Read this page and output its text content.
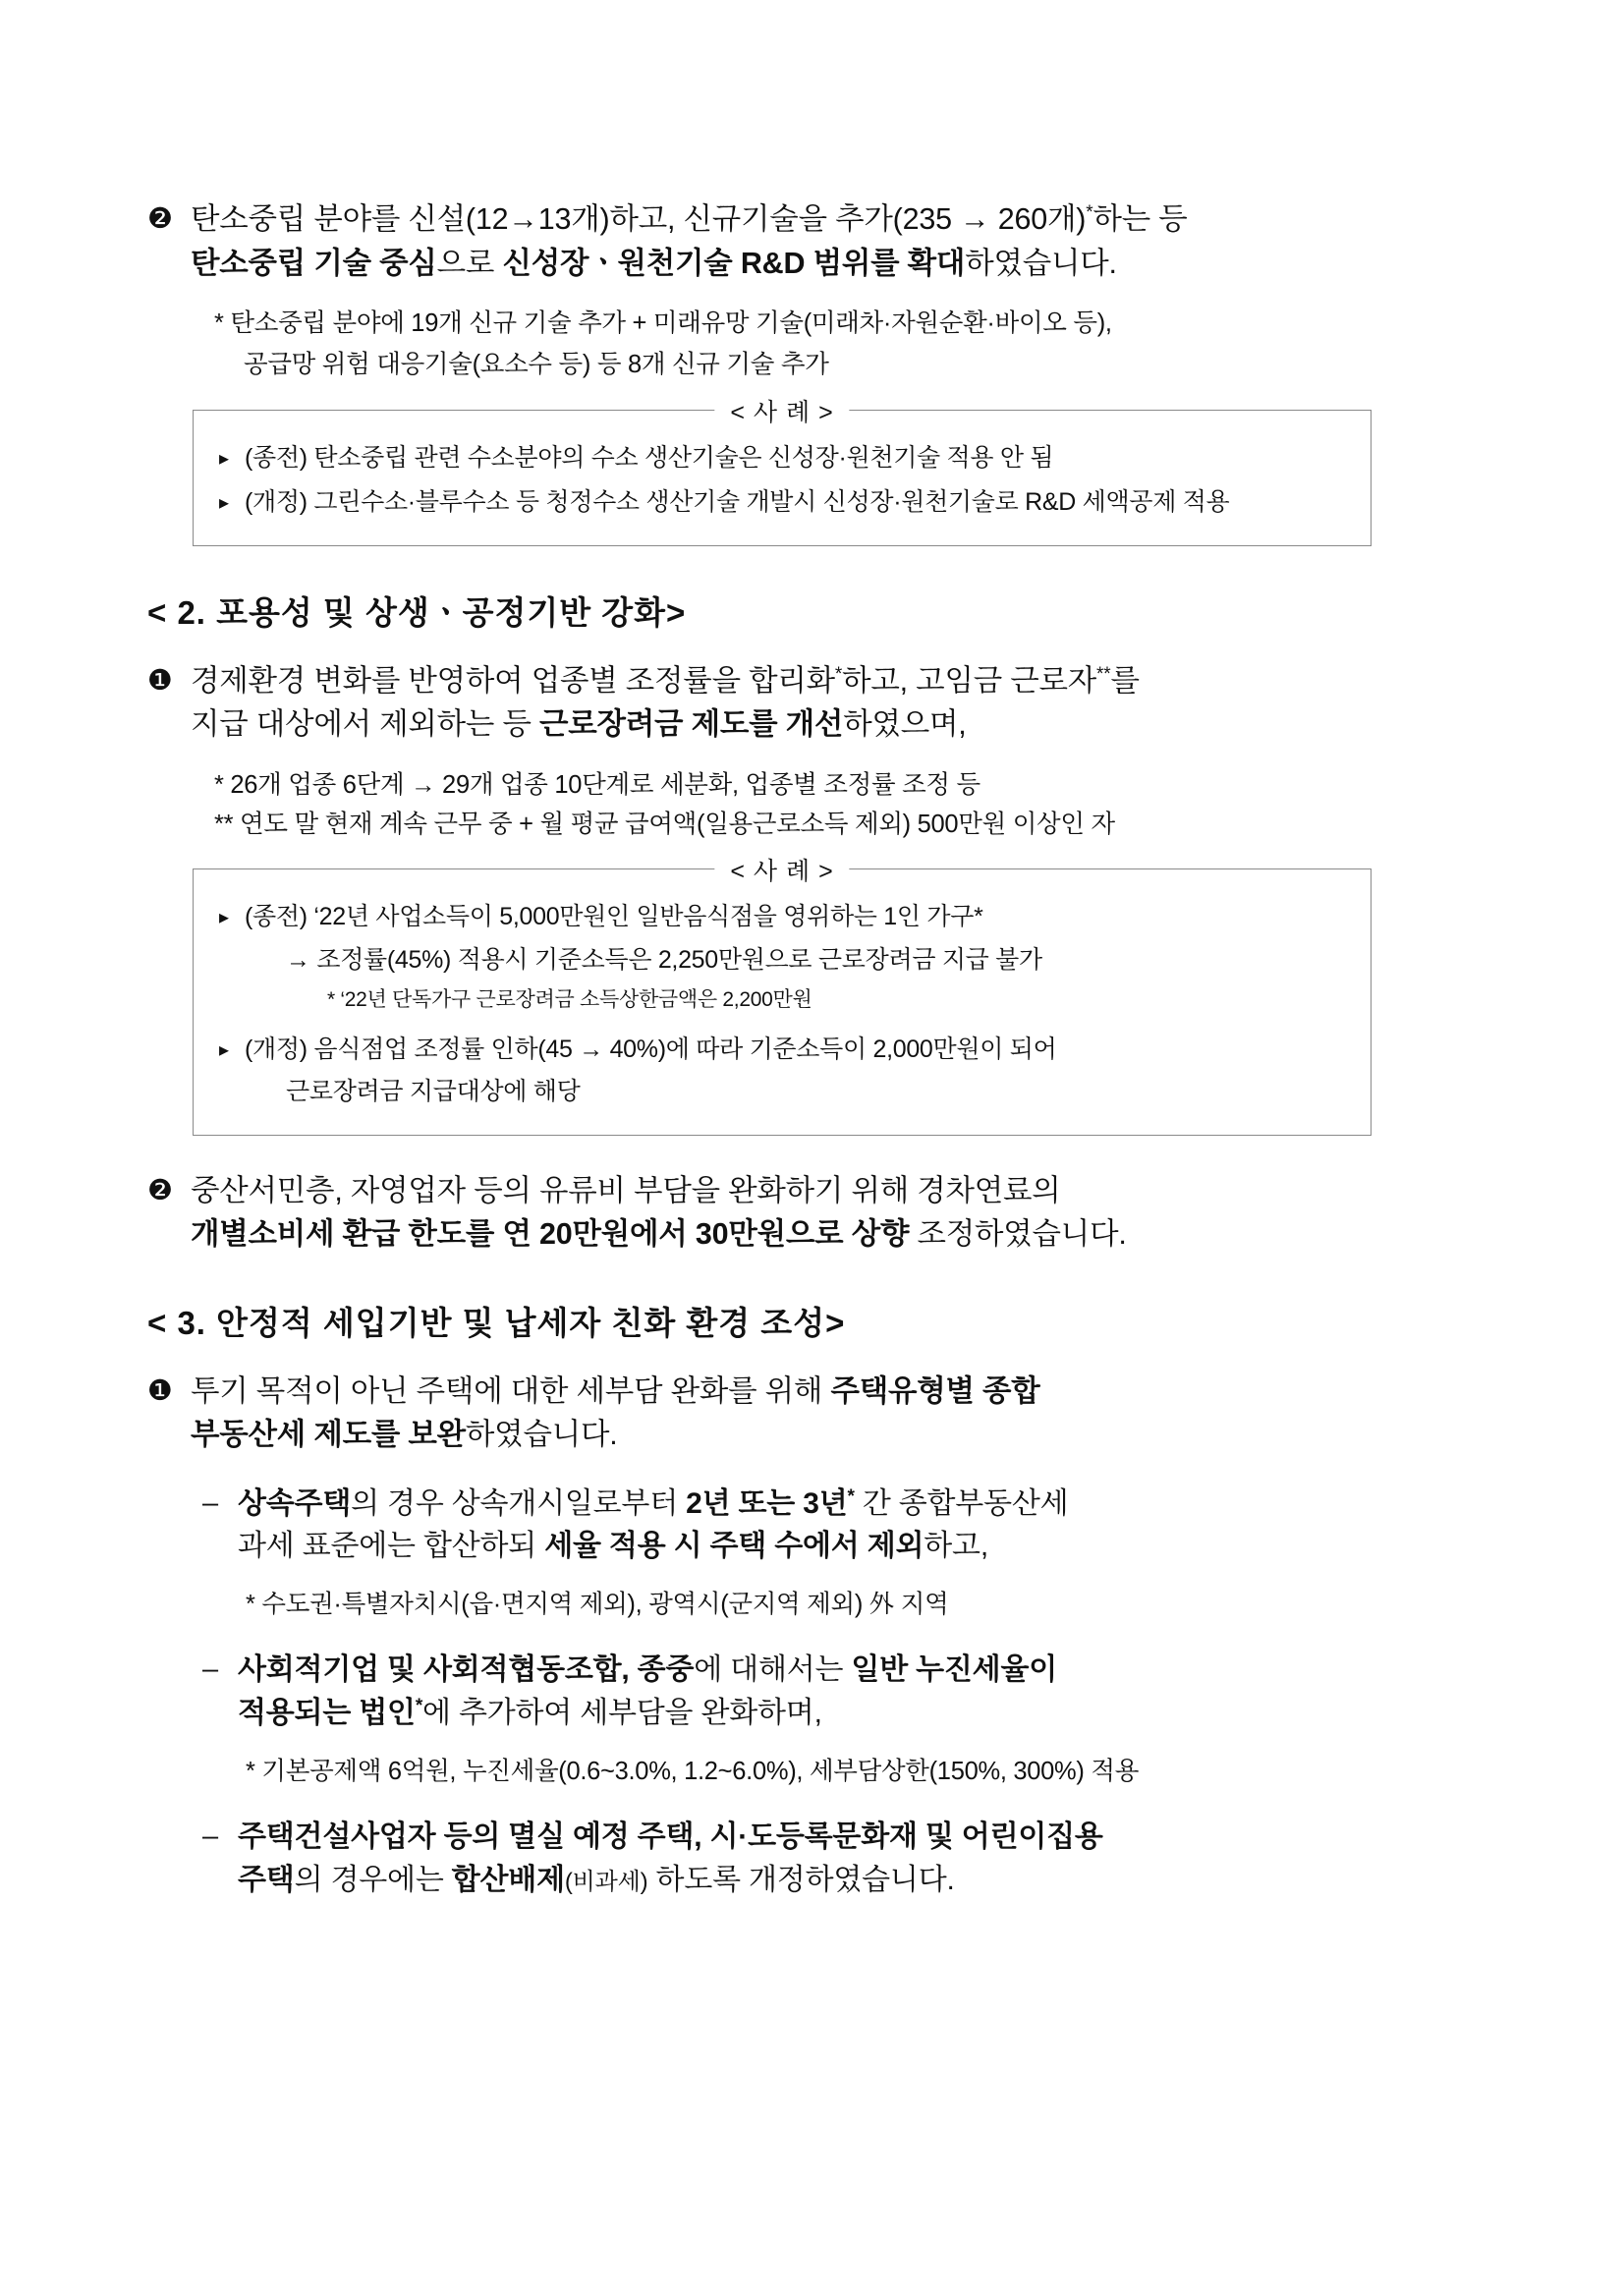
❷ 탄소중립 분야를 신설(12→13개)하고, 신규기술을 추가(235 → 260개)*하는 등
탄소중립 기술 중심으로 신성장ㆍ원천기술 R&D 범위를 확대하였습니다.
* 탄소중립 분야에 19개 신규 기술 추가 + 미래유망 기술(미래차·자원순환·바이오 등),
공급망 위험 대응기술(요소수 등) 등 8개 신규 기술 추가
▸ (종전) 탄소중립 관련 수소분야의 수소 생산기술은 신성장·원천기술 적용 안 됨
▸ (개정) 그린수소·블루수소 등 청정수소 생산기술 개발시 신성장·원천기술로 R&D 세액공제 적용
< 사 례 >
< 2. 포용성 및 상생ㆍ공정기반 강화>
❶ 경제환경 변화를 반영하여 업종별 조정률을 합리화*하고, 고임금 근로자**를
지급 대상에서 제외하는 등 근로장려금 제도를 개선하였으며,
* 26개 업종 6단계 → 29개 업종 10단계로 세분화, 업종별 조정률 조정 등
** 연도 말 현재 계속 근무 중 + 월 평균 급여액(일용근로소득 제외) 500만원 이상인 자
▸ (종전) ‘22년 사업소득이 5,000만원인 일반음식점을 영위하는 1인 가구*
→ 조정률(45%) 적용시 기준소득은 2,250만원으로 근로장려금 지급 불가
* ‘22년 단독가구 근로장려금 소득상한금액은 2,200만원
▸ (개정) 음식점업 조정률 인하(45 → 40%)에 따라 기준소득이 2,000만원이 되어
근로장려금 지급대상에 해당
< 사 례 >
❷ 중산서민층, 자영업자 등의 유류비 부담을 완화하기 위해 경차연료의
개별소비세 환급 한도를 연 20만원에서 30만원으로 상향 조정하였습니다.
< 3. 안정적 세입기반 및 납세자 친화 환경 조성>
❶ 투기 목적이 아닌 주택에 대한 세부담 완화를 위해 주택유형별 종합
부동산세 제도를 보완하였습니다.
– 상속주택의 경우 상속개시일로부터 2년 또는 3년* 간 종합부동산세
과세 표준에는 합산하되 세율 적용 시 주택 수에서 제외하고,
* 수도권·특별자치시(읍·면지역 제외), 광역시(군지역 제외) 外 지역
– 사회적기업 및 사회적협동조합, 종중에 대해서는 일반 누진세율이
적용되는 법인*에 추가하여 세부담을 완화하며,
* 기본공제액 6억원, 누진세율(0.6~3.0%, 1.2~6.0%), 세부담상한(150%, 300%) 적용
– 주택건설사업자 등의 멸실 예정 주택, 시·도등록문화재 및 어린이집용
주택의 경우에는 합산배제(비과세) 하도록 개정하였습니다.
